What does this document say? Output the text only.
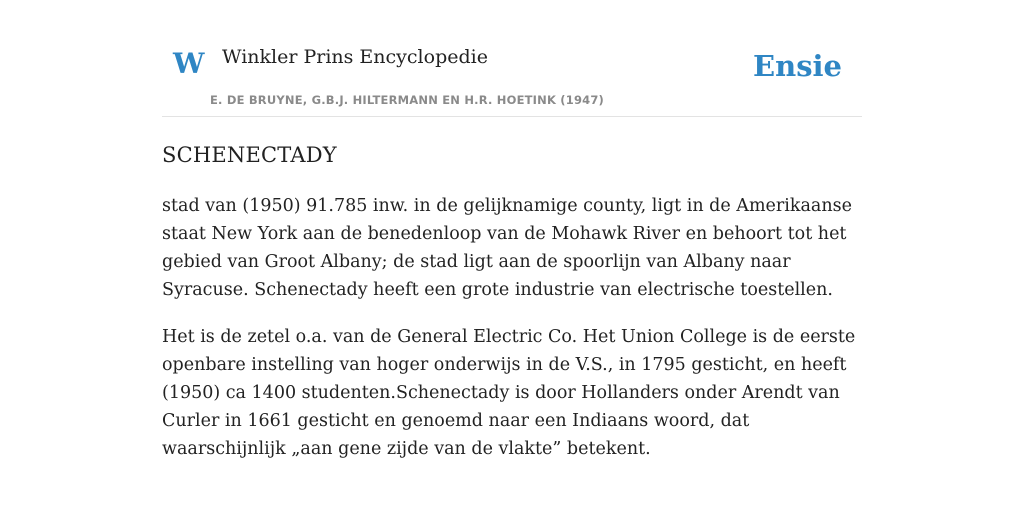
W Winkler Prins Encyclopedie
E. DE BRUYNE, G.B.J. HILTERMANN EN H.R. HOETINK (1947)
Ensie
SCHENECTADY

stad van (1950) 91.785 inw. in de gelijknamige county, ligt in de Amerikaanse staat New York aan de benedenloop van de Mohawk River en behoort tot het gebied van Groot Albany; de stad ligt aan de spoorlijn van Albany naar Syracuse. Schenectady heeft een grote industrie van electrische toestellen.

Het is de zetel o.a. van de General Electric Co. Het Union College is de eerste openbare instelling van hoger onderwijs in de V.S., in 1795 gesticht, en heeft (1950) ca 1400 studenten.Schenectady is door Hollanders onder Arendt van Curler in 1661 gesticht en genoemd naar een Indiaans woord, dat waarschijnlijk „aan gene zijde van de vlakte” betekent.
